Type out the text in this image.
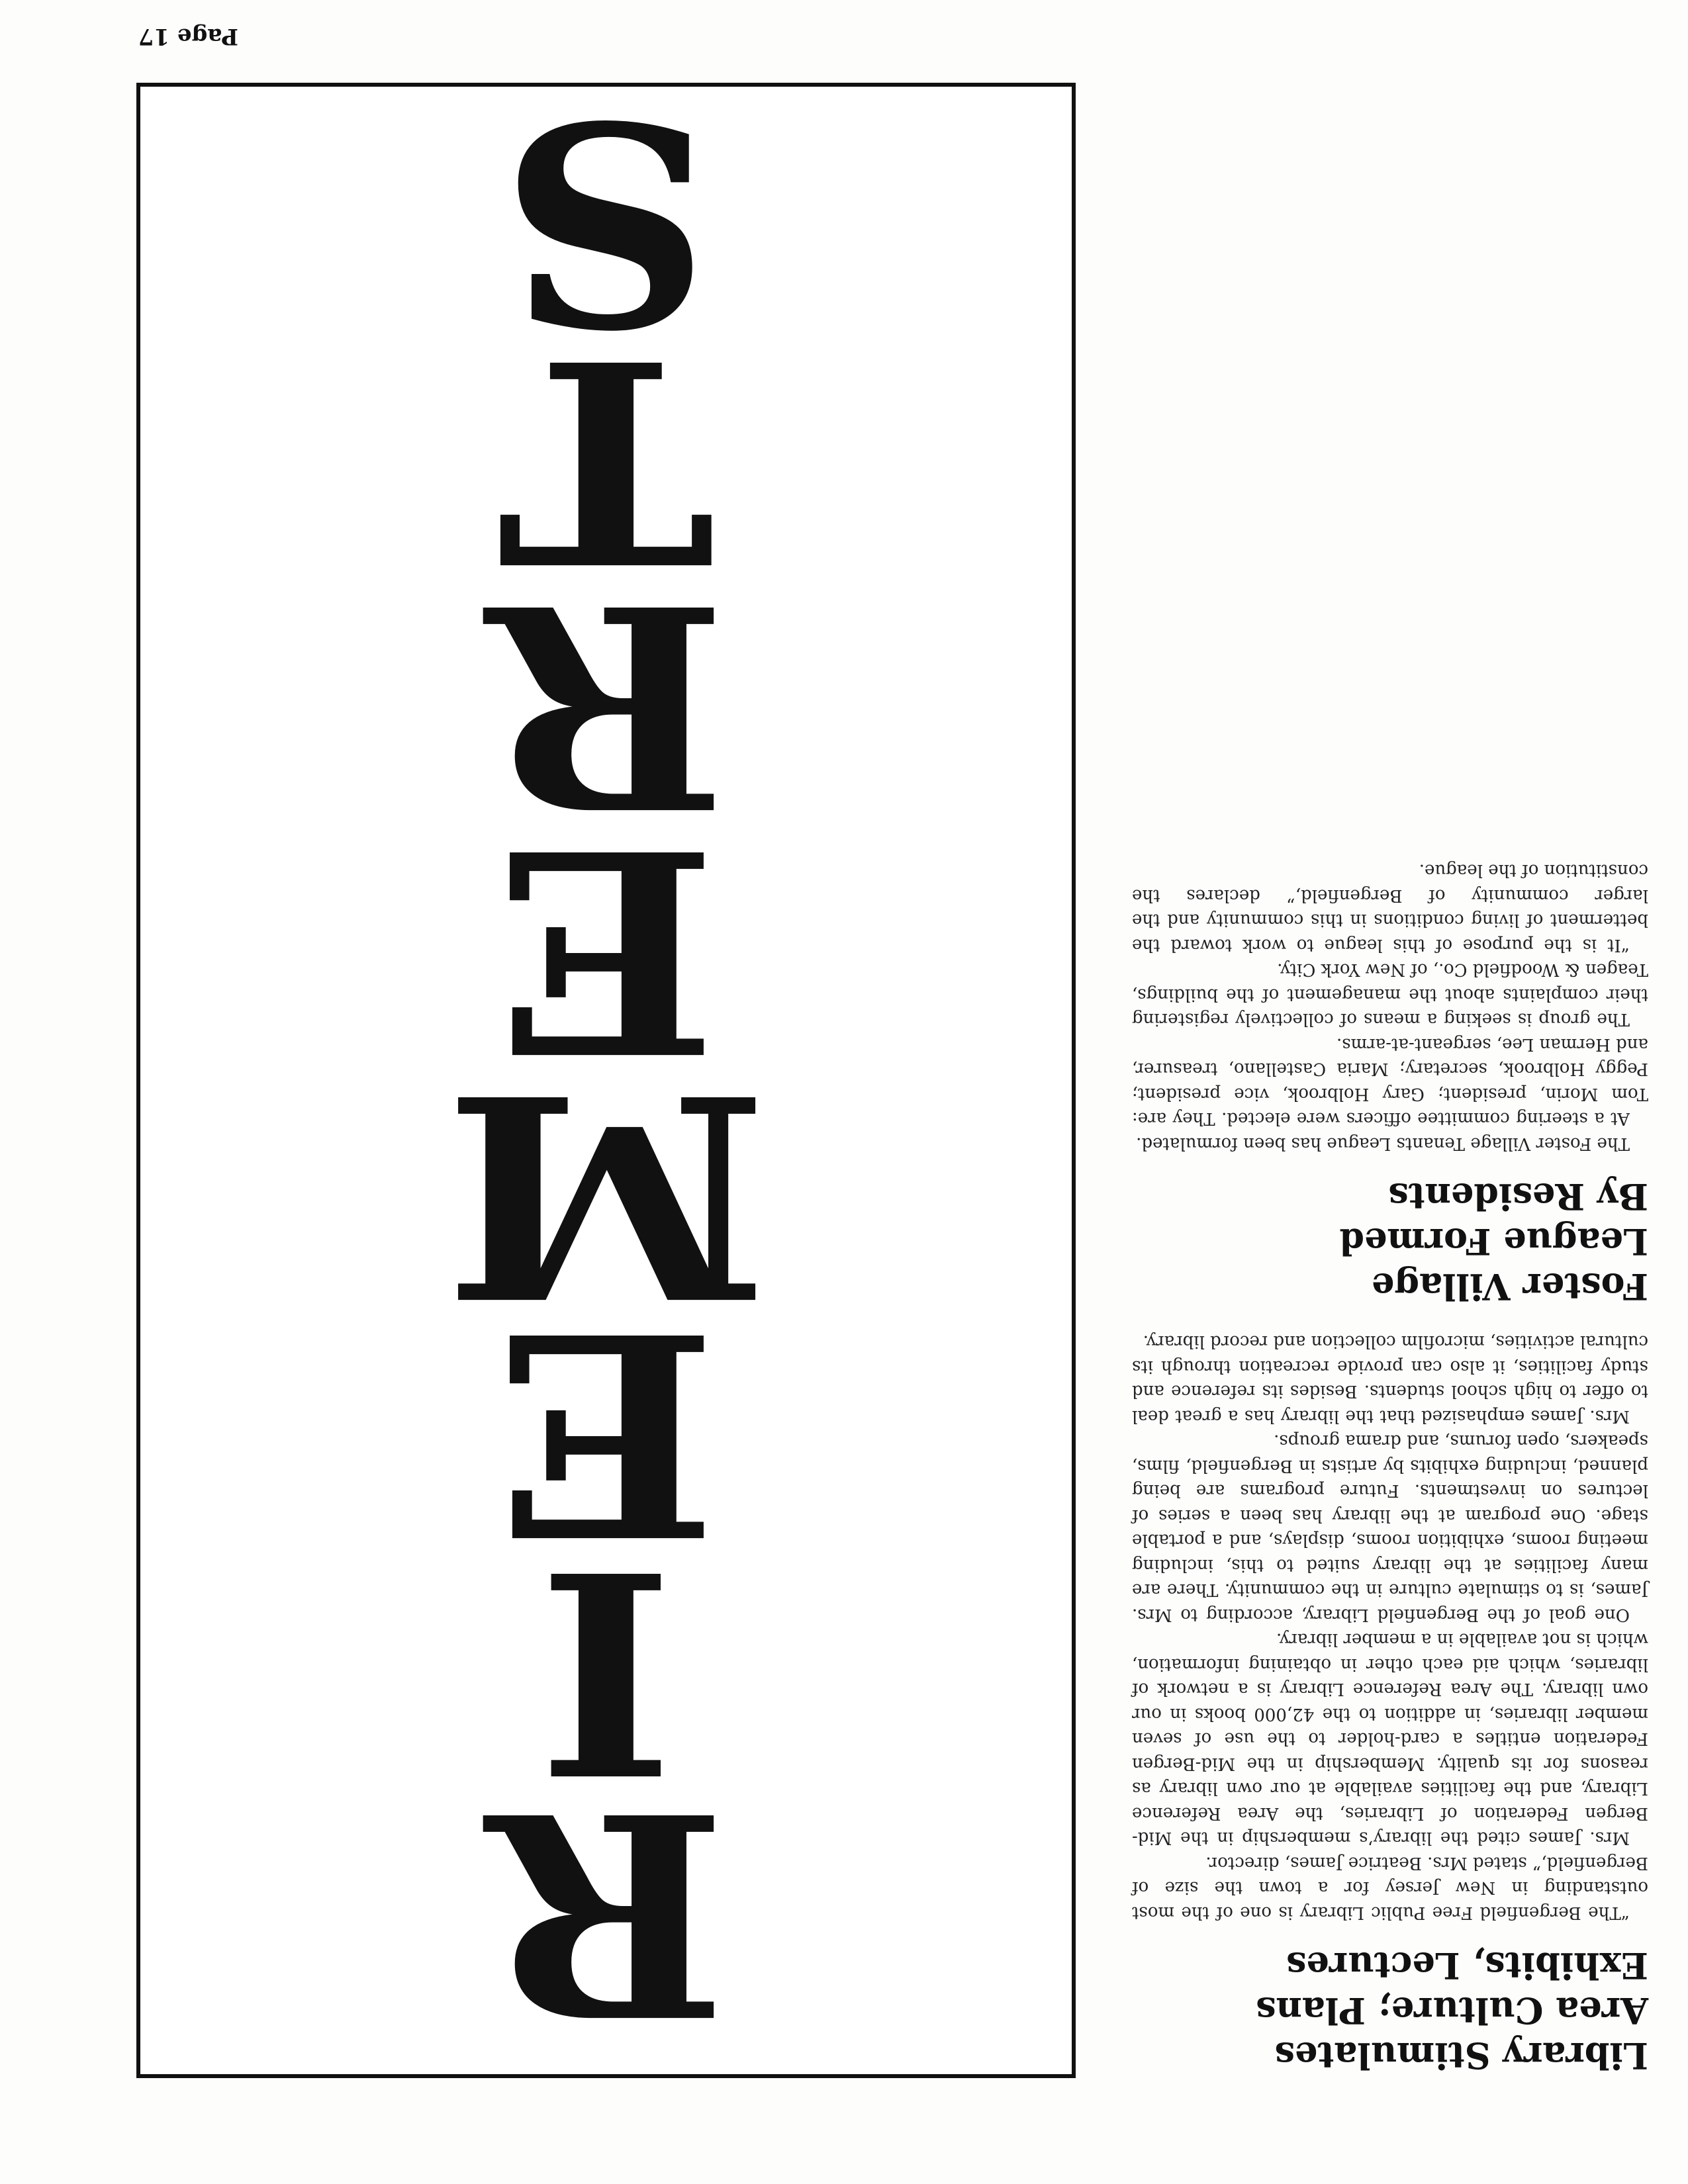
Page 17
R
I
E
M
E
R
T
S
Library Stimulates
Area Culture; Plans
Exhibits, Lectures

“The Bergenfield Free Public Library is one of the most outstanding in New Jersey for a town the size of Bergenfield,” stated Mrs. Beatrice James, director.

Mrs. James cited the library’s membership in the Mid-Bergen Federation of Libraries, the Area Reference Library, and the facilities available at our own library as reasons for its quality. Membership in the Mid-Bergen Federation entitles a card-holder to the use of seven member libraries, in addition to the 42,000 books in our own library. The Area Reference Library is a network of libraries, which aid each other in obtaining information, which is not available in a member library.

One goal of the Bergenfield Library, according to Mrs. James, is to stimulate culture in the community. There are many facilities at the library suited to this, including meeting rooms, exhibition rooms, displays, and a portable stage. One program at the library has been a series of lectures on investments. Future programs are being planned, including exhibits by artists in Bergenfield, films, speakers, open forums, and drama groups.

Mrs. James emphasized that the library has a great deal to offer to high school students. Besides its reference and study facilities, it also can provide recreation through its cultural activities, microfilm collection and record library.

Foster Village
League Formed
By Residents

The Foster Village Tenants League has been formulated.

At a steering committee officers were elected. They are: Tom Morin, president; Gary Holbrook, vice president; Peggy Holbrook, secretary; Maria Castellano, treasurer, and Herman Lee, sergeant-at-arms.

The group is seeking a means of collectively registering their complaints about the management of the buildings, Teagen & Woodfield Co., of New York City.

“It is the purpose of this league to work toward the betterment of living conditions in this community and the larger community of Bergenfield,” declares the constitution of the league.
